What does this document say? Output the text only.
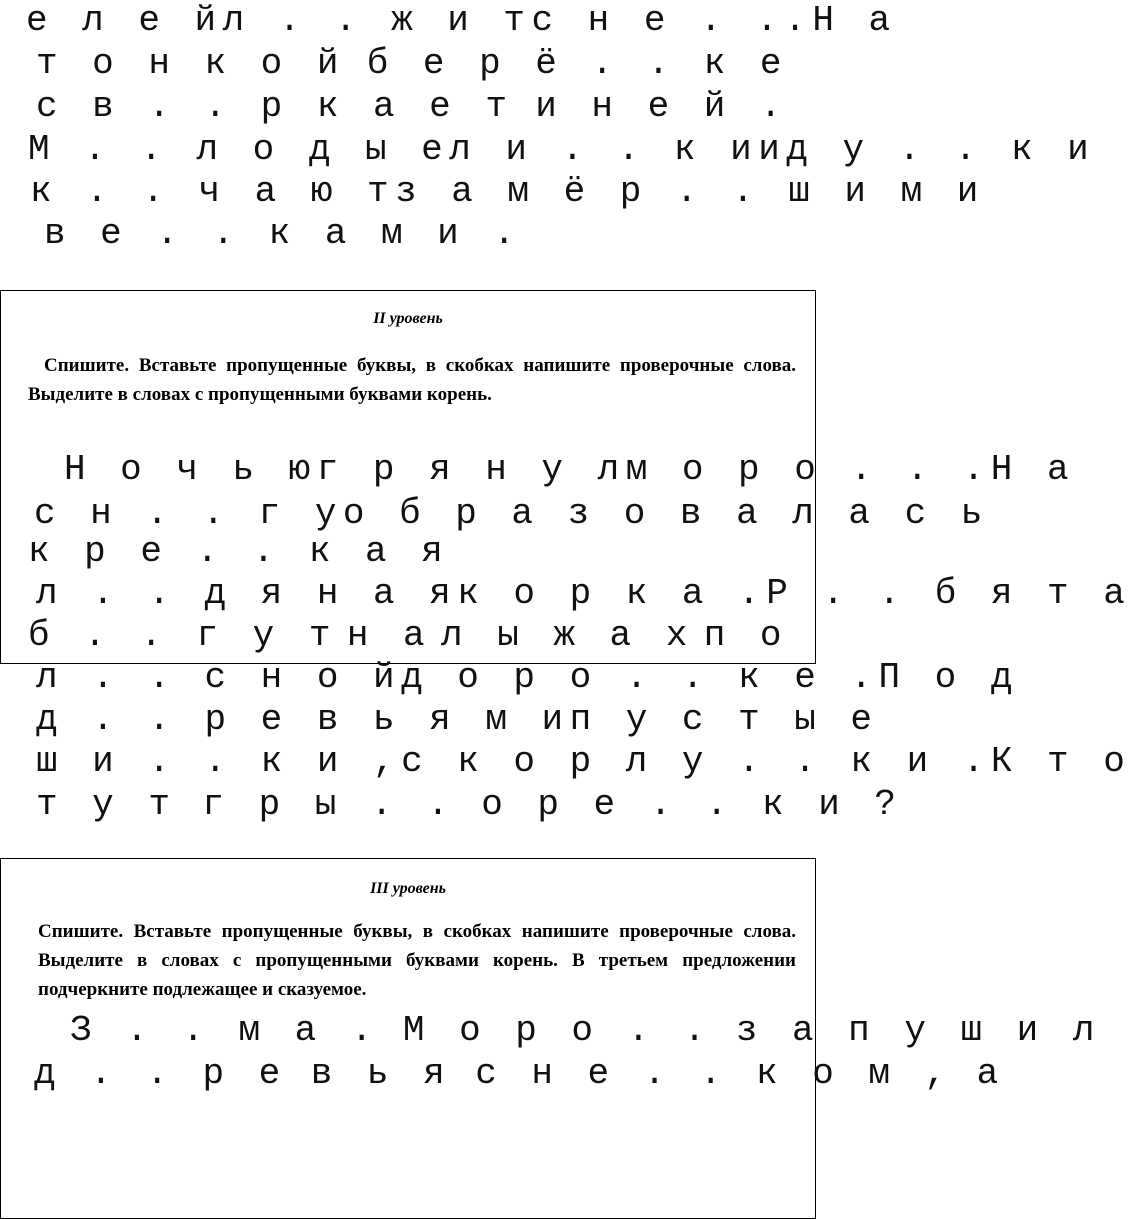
е л е й л . . ж и т с н е . . . Н а
т о н к о й б е р ё . . к е
с в . . р к а е т и н е й .
М . . л о д ы е л и . . к и и д у . . к и
к . . ч а ю т з а м ё р . . ш и м и
в е . . к а м и .
II уровень
Спишите. Вставьте пропущенные буквы, в скобках напишите проверочные слова. Выделите в словах с пропущенными буквами корень.
Н о ч ь ю г р я н у л м о р о . . . Н а
с н . . г у о б р а з о в а л а с ь
к р е . . к а я
л . . д я н а я к о р к а . Р . . б я т а
б . . г у т н а л ы ж а х п о
л . . с н о й д о р о . . к е . П о д
д . . р е в ь я м и п у с т ы е
ш и . . к и , с к о р л у . . к и . К т о
т у т г р ы . . о р е . . к и ?
III уровень
Спишите. Вставьте пропущенные буквы, в скобках напишите проверочные слова. Выделите в словах с пропущенными буквами корень. В третьем предложении подчеркните подлежащее и сказуемое.
З . . м а . М о р о . . з а п у ш и л
д . . р е в ь я с н е . . к о м , а
